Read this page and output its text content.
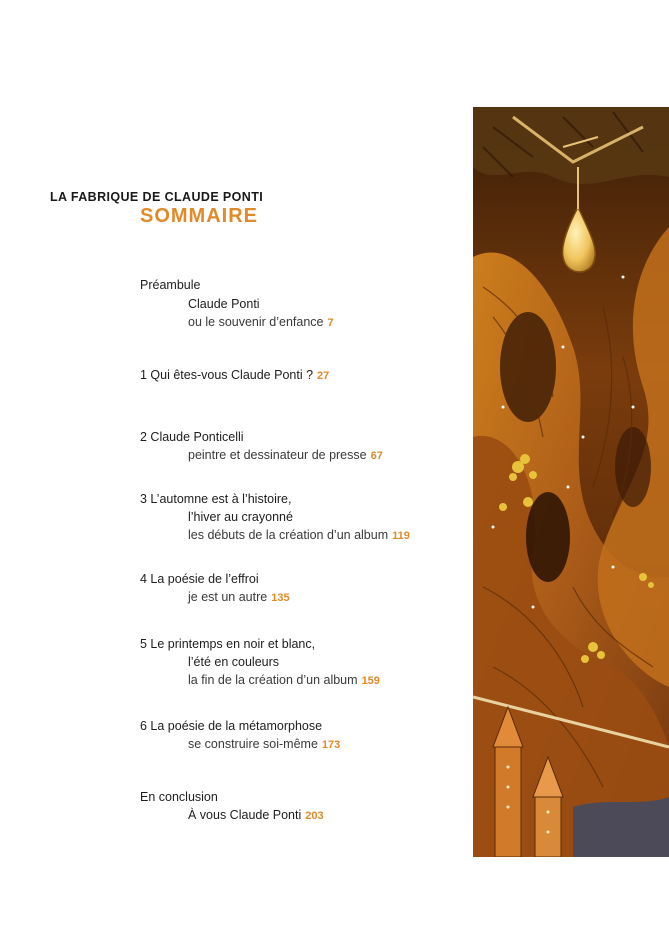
LA FABRIQUE DE CLAUDE PONTI
SOMMAIRE
Préambule
Claude Ponti
ou le souvenir d’enfance 7
1 Qui êtes-vous Claude Ponti ? 27
2 Claude Ponticelli
peintre et dessinateur de presse 67
3 L’automne est à l’histoire,
l’hiver au crayonné
les débuts de la création d’un album 119
4 La poésie de l’effroi
je est un autre 135
5 Le printemps en noir et blanc,
l’été en couleurs
la fin de la création d’un album 159
6 La poésie de la métamorphose
se construire soi-même 173
En conclusion
À vous Claude Ponti 203
